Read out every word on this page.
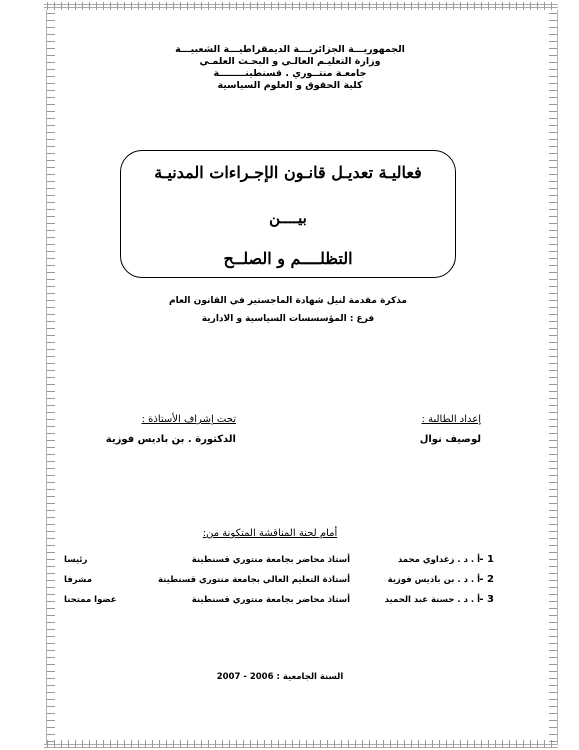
الجمهوريـــة الجزائريـــة الديمقراطيـــة الشعبيـــة
وزارة التعليـم العالـي و البحـث العلمـي
جامعـة منتــوري . قسنطينــــــــة
كلية الحقوق و العلوم السياسية
فعاليـة تعديـل قانـون الإجـراءات المدنيـة
بيــــن
التظلــــم و الصلــح
مذكرة مقدمة لنيل شهادة الماجستير في القانون العام
فرع : المؤسسسات السياسية و الادارية
إعداد الطالبة :
لوصيف نوال
تحت إشراف الأستاذة :
الدكتورة . بن باديس فوزية
أمام لجنة المناقشة المتكونة من:
1 -
أ . د . زغداوي محمد
أستاذ محاضر بجامعة منتوري قسنطينة
رئيسا
2 -
أ . د . بن باديس فوزية
أستاذة التعليم العالي بجامعة منتوري قسنطينة
مشرفا
3 -
أ . د . حسنة عبد الحميد
أستاذ محاضر بجامعة منتوري قسنطينة
عضوا ممتحنا
السنة الجامعية : 2006 - 2007
